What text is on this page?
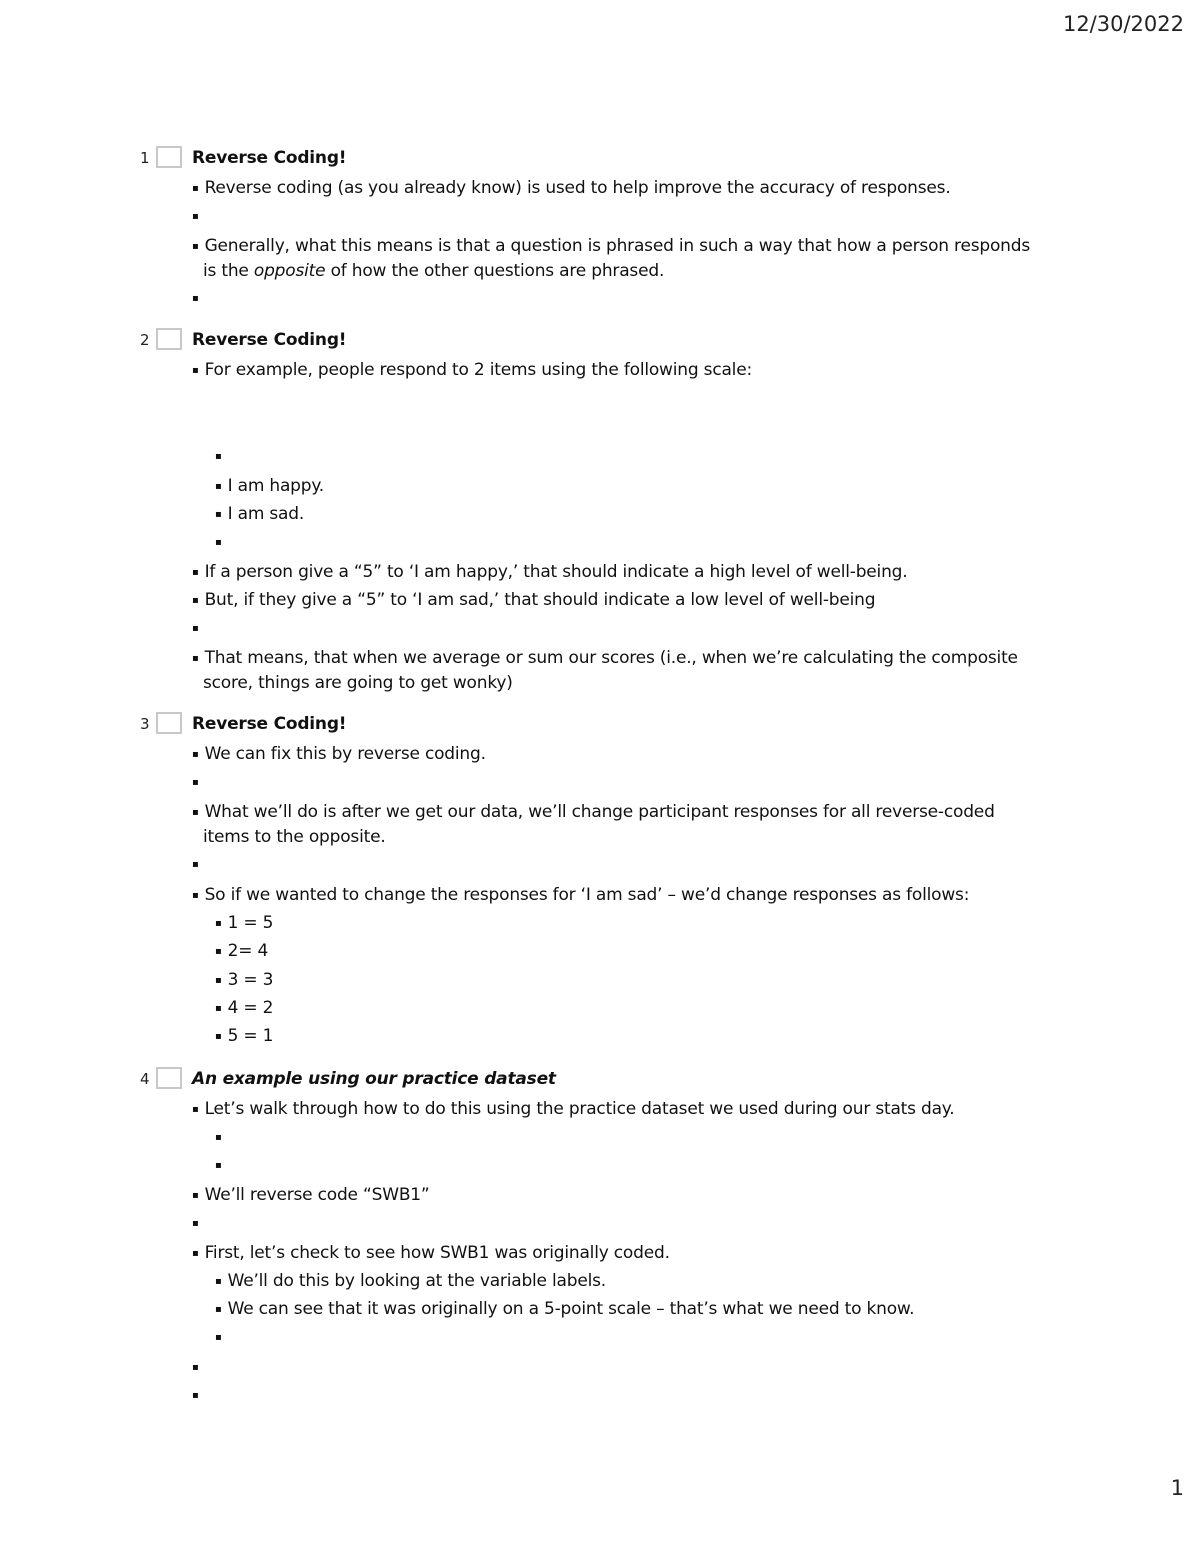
12/30/2022
1 Reverse Coding!
▪ Reverse coding (as you already know) is used to help improve the accuracy of responses.
▪
▪ Generally, what this means is that a question is phrased in such a way that how a person responds
is the opposite of how the other questions are phrased.
▪
2 Reverse Coding!
▪ For example, people respond to 2 items using the following scale:
▪
▪ I am happy.
▪ I am sad.
▪
▪ If a person give a “5” to ‘I am happy,’ that should indicate a high level of well-being.
▪ But, if they give a “5” to ‘I am sad,’ that should indicate a low level of well-being
▪
▪ That means, that when we average or sum our scores (i.e., when we’re calculating the composite
score, things are going to get wonky)
3 Reverse Coding!
▪ We can fix this by reverse coding.
▪
▪ What we’ll do is after we get our data, we’ll change participant responses for all reverse-coded
items to the opposite.
▪
▪ So if we wanted to change the responses for ‘I am sad’ – we’d change responses as follows:
▪ 1 = 5
▪ 2= 4
▪ 3 = 3
▪ 4 = 2
▪ 5 = 1
4 An example using our practice dataset
▪ Let’s walk through how to do this using the practice dataset we used during our stats day.
▪
▪
▪ We’ll reverse code “SWB1”
▪
▪ First, let’s check to see how SWB1 was originally coded.
▪ We’ll do this by looking at the variable labels.
▪ We can see that it was originally on a 5-point scale – that’s what we need to know.
▪
▪
▪
1
